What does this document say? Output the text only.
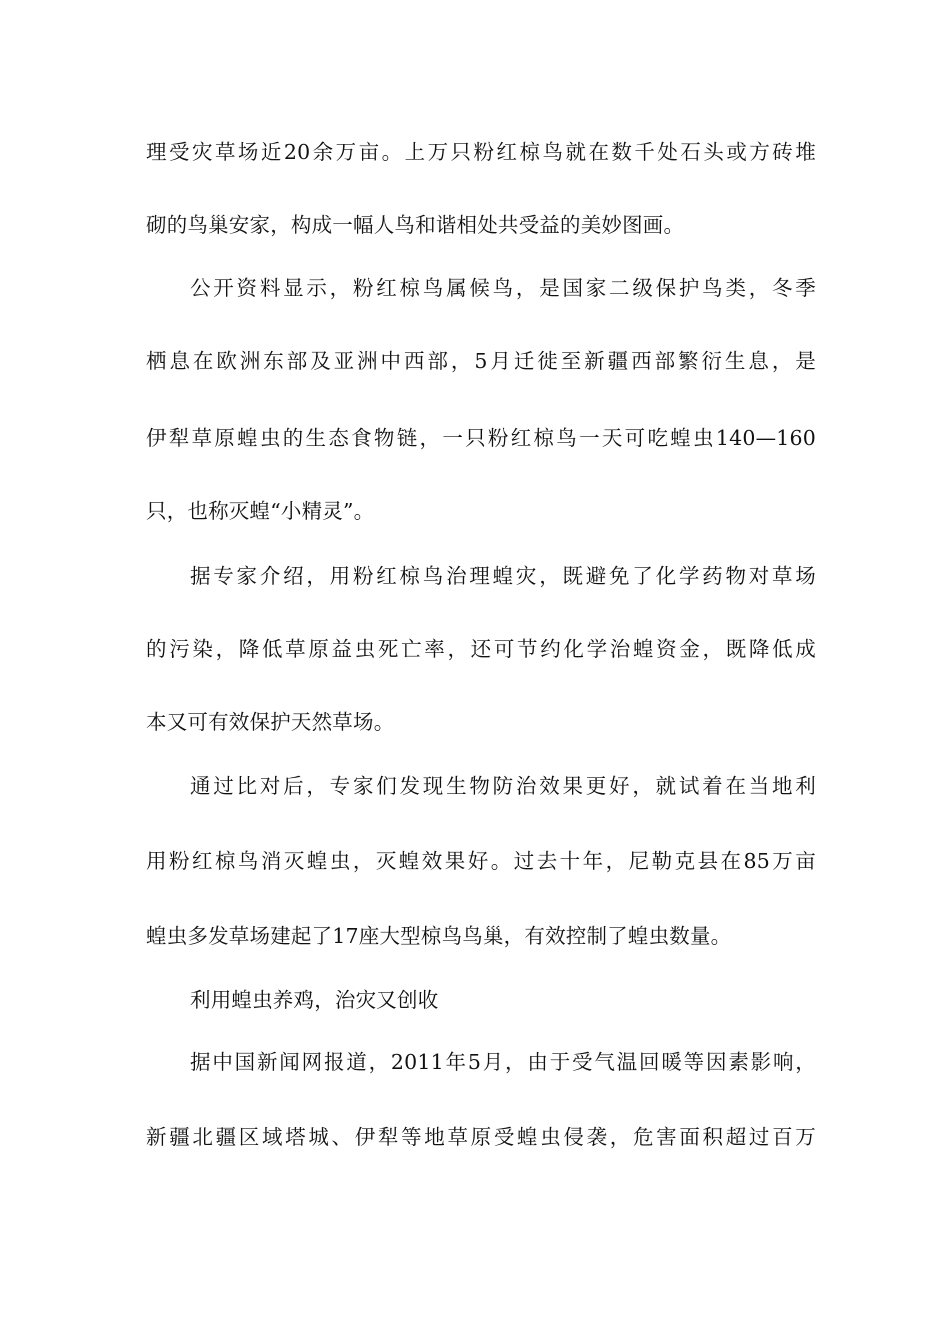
理受灾草场近20余万亩。上万只粉红椋鸟就在数千处石头或方砖堆
砌的鸟巢安家，构成一幅人鸟和谐相处共受益的美妙图画。
公开资料显示，粉红椋鸟属候鸟，是国家二级保护鸟类，冬季
栖息在欧洲东部及亚洲中西部，5月迁徙至新疆西部繁衍生息，是
伊犁草原蝗虫的生态食物链，一只粉红椋鸟一天可吃蝗虫140—160
只，也称灭蝗“小精灵”。
据专家介绍，用粉红椋鸟治理蝗灾，既避免了化学药物对草场
的污染，降低草原益虫死亡率，还可节约化学治蝗资金，既降低成
本又可有效保护天然草场。
通过比对后，专家们发现生物防治效果更好，就试着在当地利
用粉红椋鸟消灭蝗虫，灭蝗效果好。过去十年，尼勒克县在85万亩
蝗虫多发草场建起了17座大型椋鸟鸟巢，有效控制了蝗虫数量。
利用蝗虫养鸡，治灾又创收
据中国新闻网报道，2011年5月，由于受气温回暖等因素影响，
新疆北疆区域塔城、伊犁等地草原受蝗虫侵袭，危害面积超过百万
